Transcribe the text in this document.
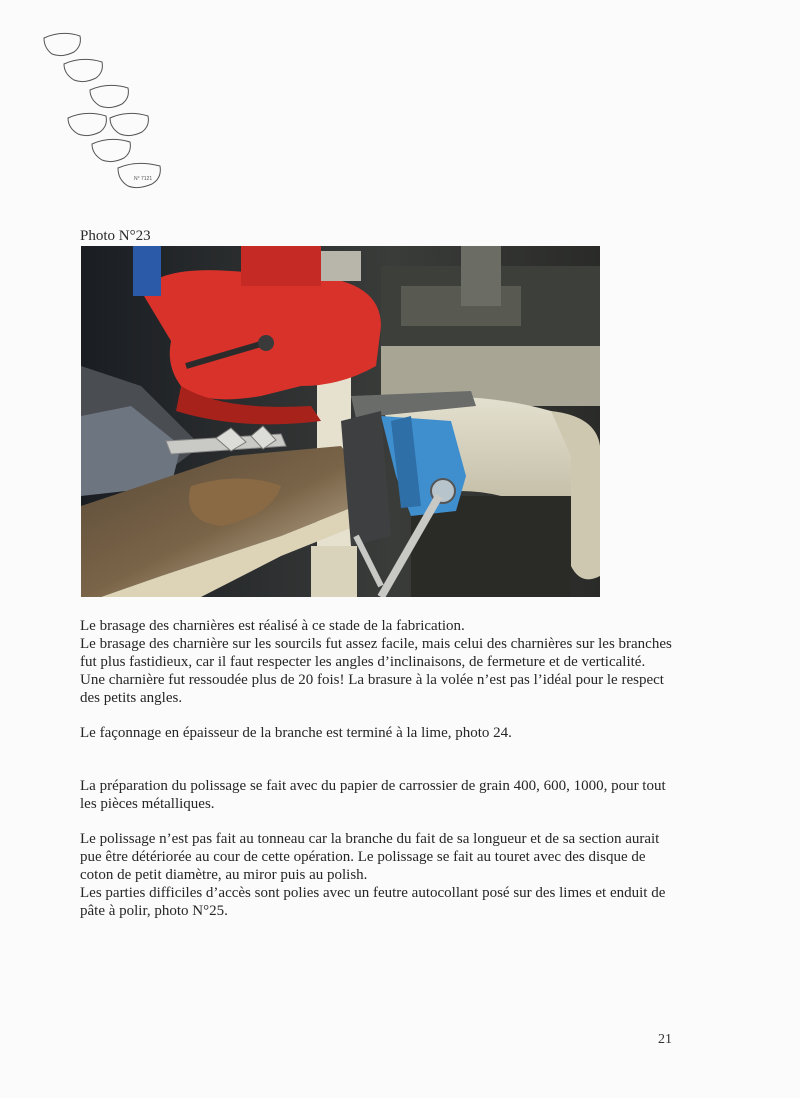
N° 7121
Photo N°23

Le brasage des charnières est réalisé à ce stade de la fabrication.

Le brasage des charnière sur les sourcils fut assez facile, mais celui des charnières sur les branches fut plus fastidieux, car il faut respecter les angles d’inclinaisons, de fermeture et de verticalité.

Une charnière fut ressoudée plus de 20 fois! La brasure à la volée n’est pas l’idéal pour le respect des petits angles.

Le façonnage en épaisseur de la branche est terminé à la lime, photo 24.

La préparation du polissage se fait avec du papier de carrossier de grain 400, 600, 1000, pour tout les pièces métalliques.

Le polissage n’est pas fait au tonneau car la branche du fait de sa longueur et de sa section aurait pue être détériorée au cour de cette opération. Le polissage se fait au touret avec des disque de coton de petit diamètre, au miror puis au polish.

Les parties difficiles d’accès sont polies avec un feutre autocollant posé sur des limes et enduit de pâte à polir, photo N°25.

21
